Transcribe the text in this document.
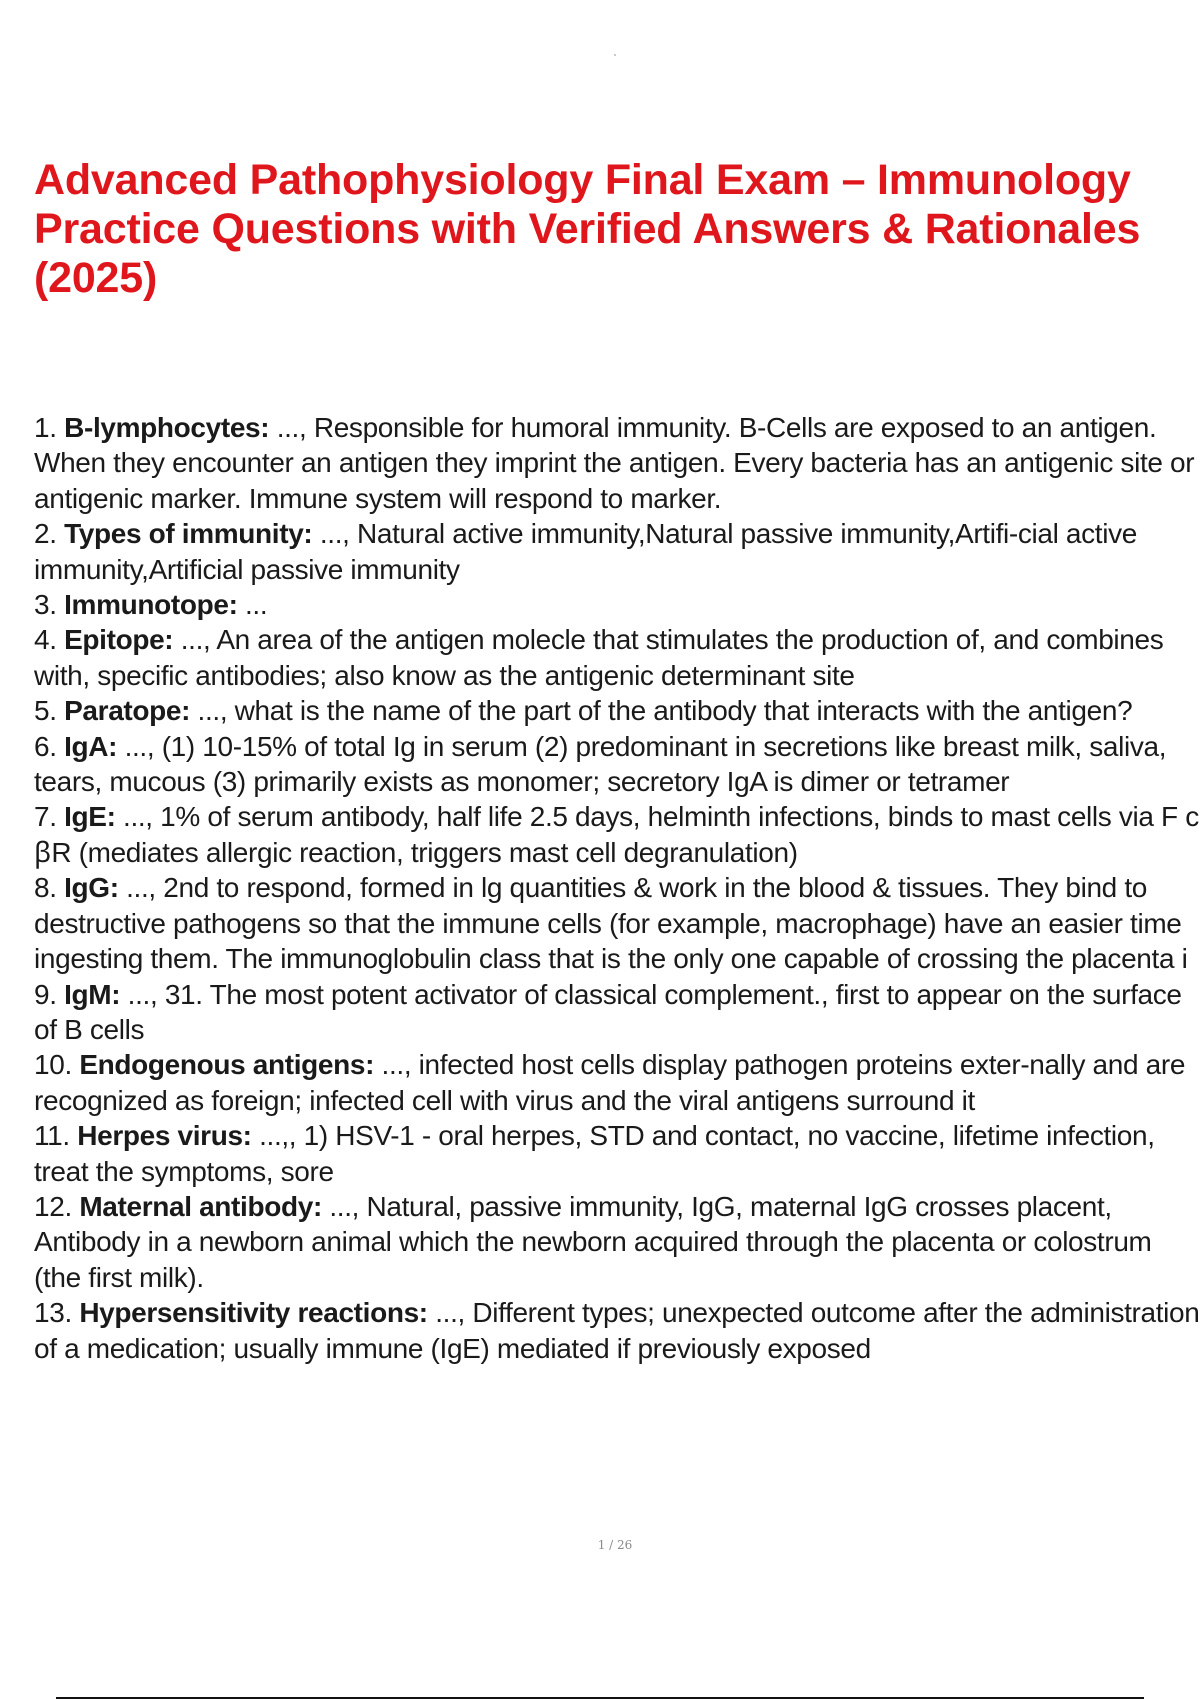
Advanced Pathophysiology Final Exam – Immunology Practice Questions with Verified Answers & Rationales (2025)
1. B-lymphocytes: ..., Responsible for humoral immunity. B-Cells are exposed to an antigen. When they encounter an antigen they imprint the antigen. Every bacteria has an antigenic site or antigenic marker. Immune system will respond to marker.
2. Types of immunity: ..., Natural active immunity,Natural passive immunity,Artifi-cial active immunity,Artificial passive immunity
3. Immunotope: ...
4. Epitope: ..., An area of the antigen molecle that stimulates the production of, and combines with, specific antibodies; also know as the antigenic determinant site
5. Paratope: ..., what is the name of the part of the antibody that interacts with the antigen?
6. IgA: ..., (1) 10-15% of total Ig in serum (2) predominant in secretions like breast milk, saliva, tears, mucous (3) primarily exists as monomer; secretory IgA is dimer or tetramer
7. IgE: ..., 1% of serum antibody, half life 2.5 days, helminth infections, binds to mast cells via F c ꞵR (mediates allergic reaction, triggers mast cell degranulation)
8. IgG: ..., 2nd to respond, formed in lg quantities & work in the blood & tissues. They bind to destructive pathogens so that the immune cells (for example, macrophage) have an easier time ingesting them. The immunoglobulin class that is the only one capable of crossing the placenta i
9. IgM: ..., 31. The most potent activator of classical complement., first to appear on the surface of B cells
10. Endogenous antigens: ..., infected host cells display pathogen proteins exter-nally and are recognized as foreign; infected cell with virus and the viral antigens surround it
11. Herpes virus: ...,, 1) HSV-1 - oral herpes, STD and contact, no vaccine, lifetime infection, treat the symptoms, sore
12. Maternal antibody: ..., Natural, passive immunity, IgG, maternal IgG crosses placent, Antibody in a newborn animal which the newborn acquired through the placenta or colostrum (the first milk).
13. Hypersensitivity reactions: ..., Different types; unexpected outcome after the administration of a medication; usually immune (IgE) mediated if previously exposed
1 / 26
